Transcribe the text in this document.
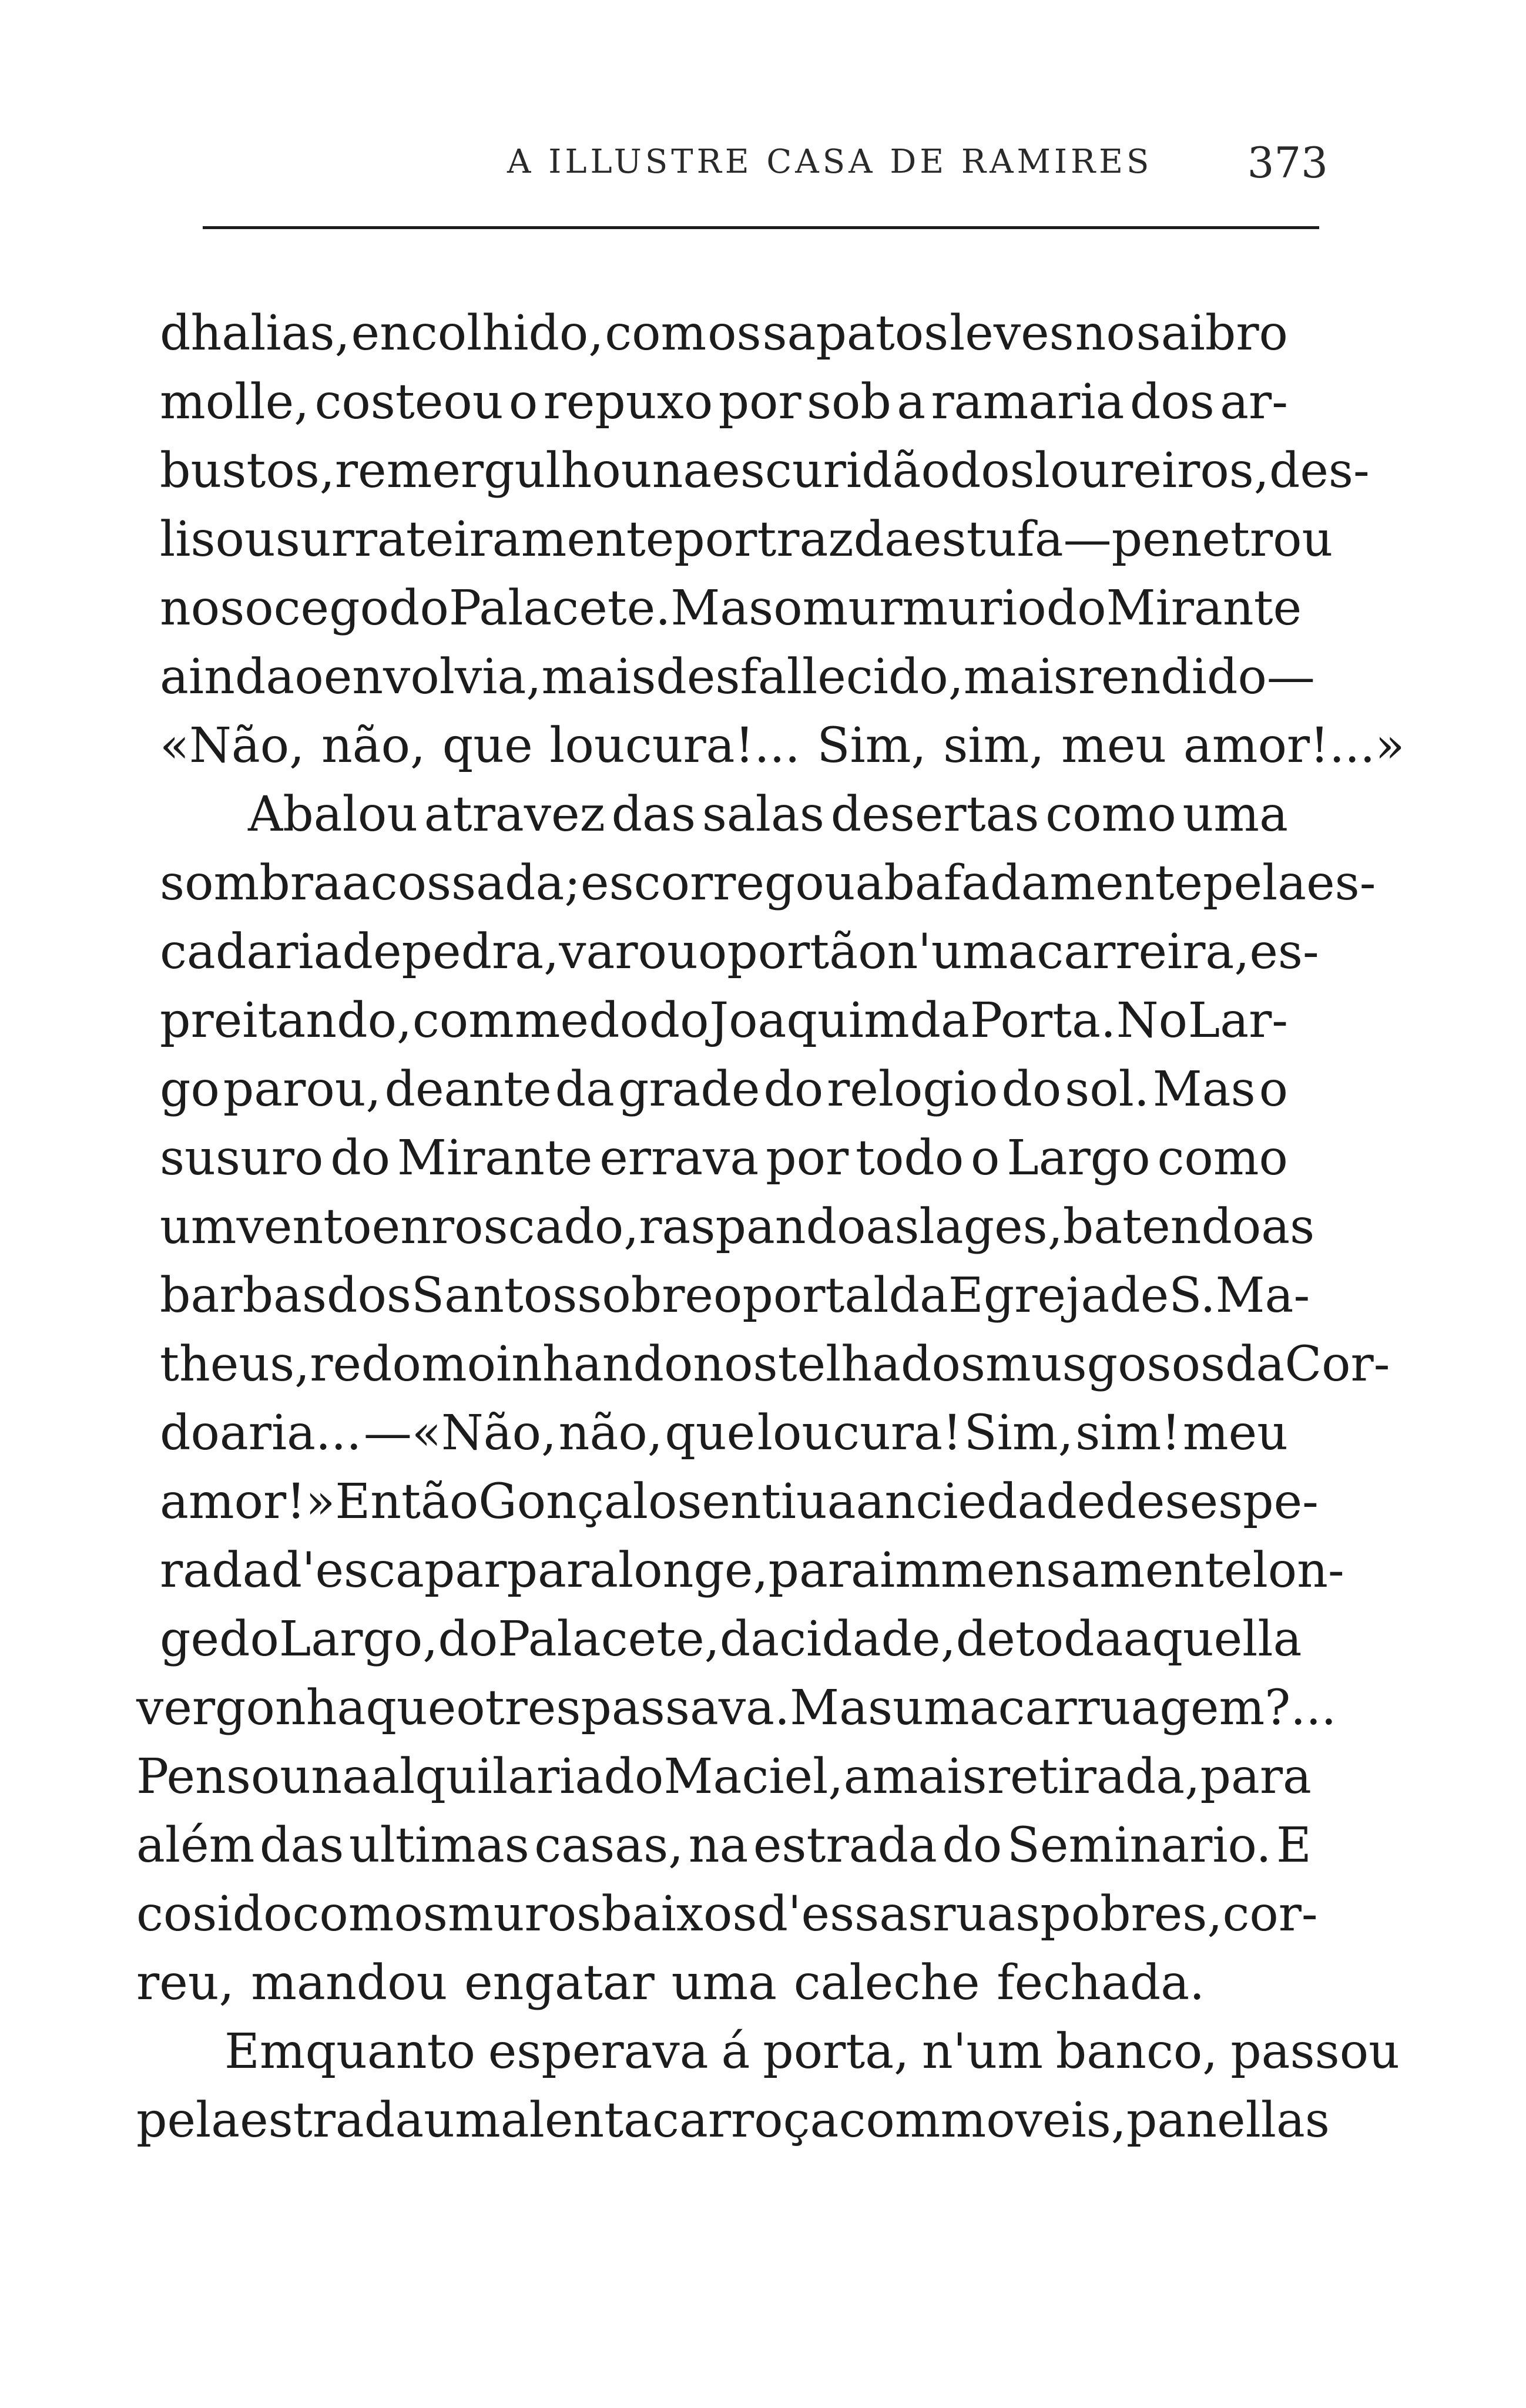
A ILLUSTRE CASA DE RAMIRES 373
dhalias, encolhido, com os sapatos leves no saibro
molle, costeou o repuxo por sob a ramaria dos ar-
bustos, remergulhou na escuridão dos loureiros, des-
lisou surrateiramente por traz da estufa —penetrou
no socego do Palacete. Mas o murmurio do Mirante
ainda o envolvia, mais desfallecido, mais rendido —
«Não, não, que loucura!... Sim, sim, meu amor!...»
Abalou atravez das salas desertas como uma
sombra acossada; escorregou abafadamente pela es-
cadaria de pedra, varou o portão n'uma carreira, es-
preitando, com medo do Joaquim da Porta. No Lar-
go parou, deante da grade do relogio do sol. Mas o
susuro do Mirante errava por todo o Largo como
um vento enroscado, raspando as lages, batendo as
barbas dos Santos sobre o portal da Egreja de S. Ma-
theus, redomoinhando nos telhados musgosos da Cor-
doaria... —«Não, não, que loucura! Sim, sim! meu
amor!» Então Gonçalo sentiu a anciedade desespe-
rada d'escapar para longe, para immensamente lon-
ge do Largo, do Palacete, da cidade, de toda aquella
vergonha que o trespassava. Mas uma carruagem?...
Pensou na alquilaria do Maciel, a mais retirada, para
além das ultimas casas, na estrada do Seminario. E
cosido com os muros baixos d'essas ruas pobres, cor-
reu, mandou engatar uma caleche fechada.
Emquanto esperava á porta, n'um banco, passou
pela estrada uma lenta carroça com moveis, panellas
